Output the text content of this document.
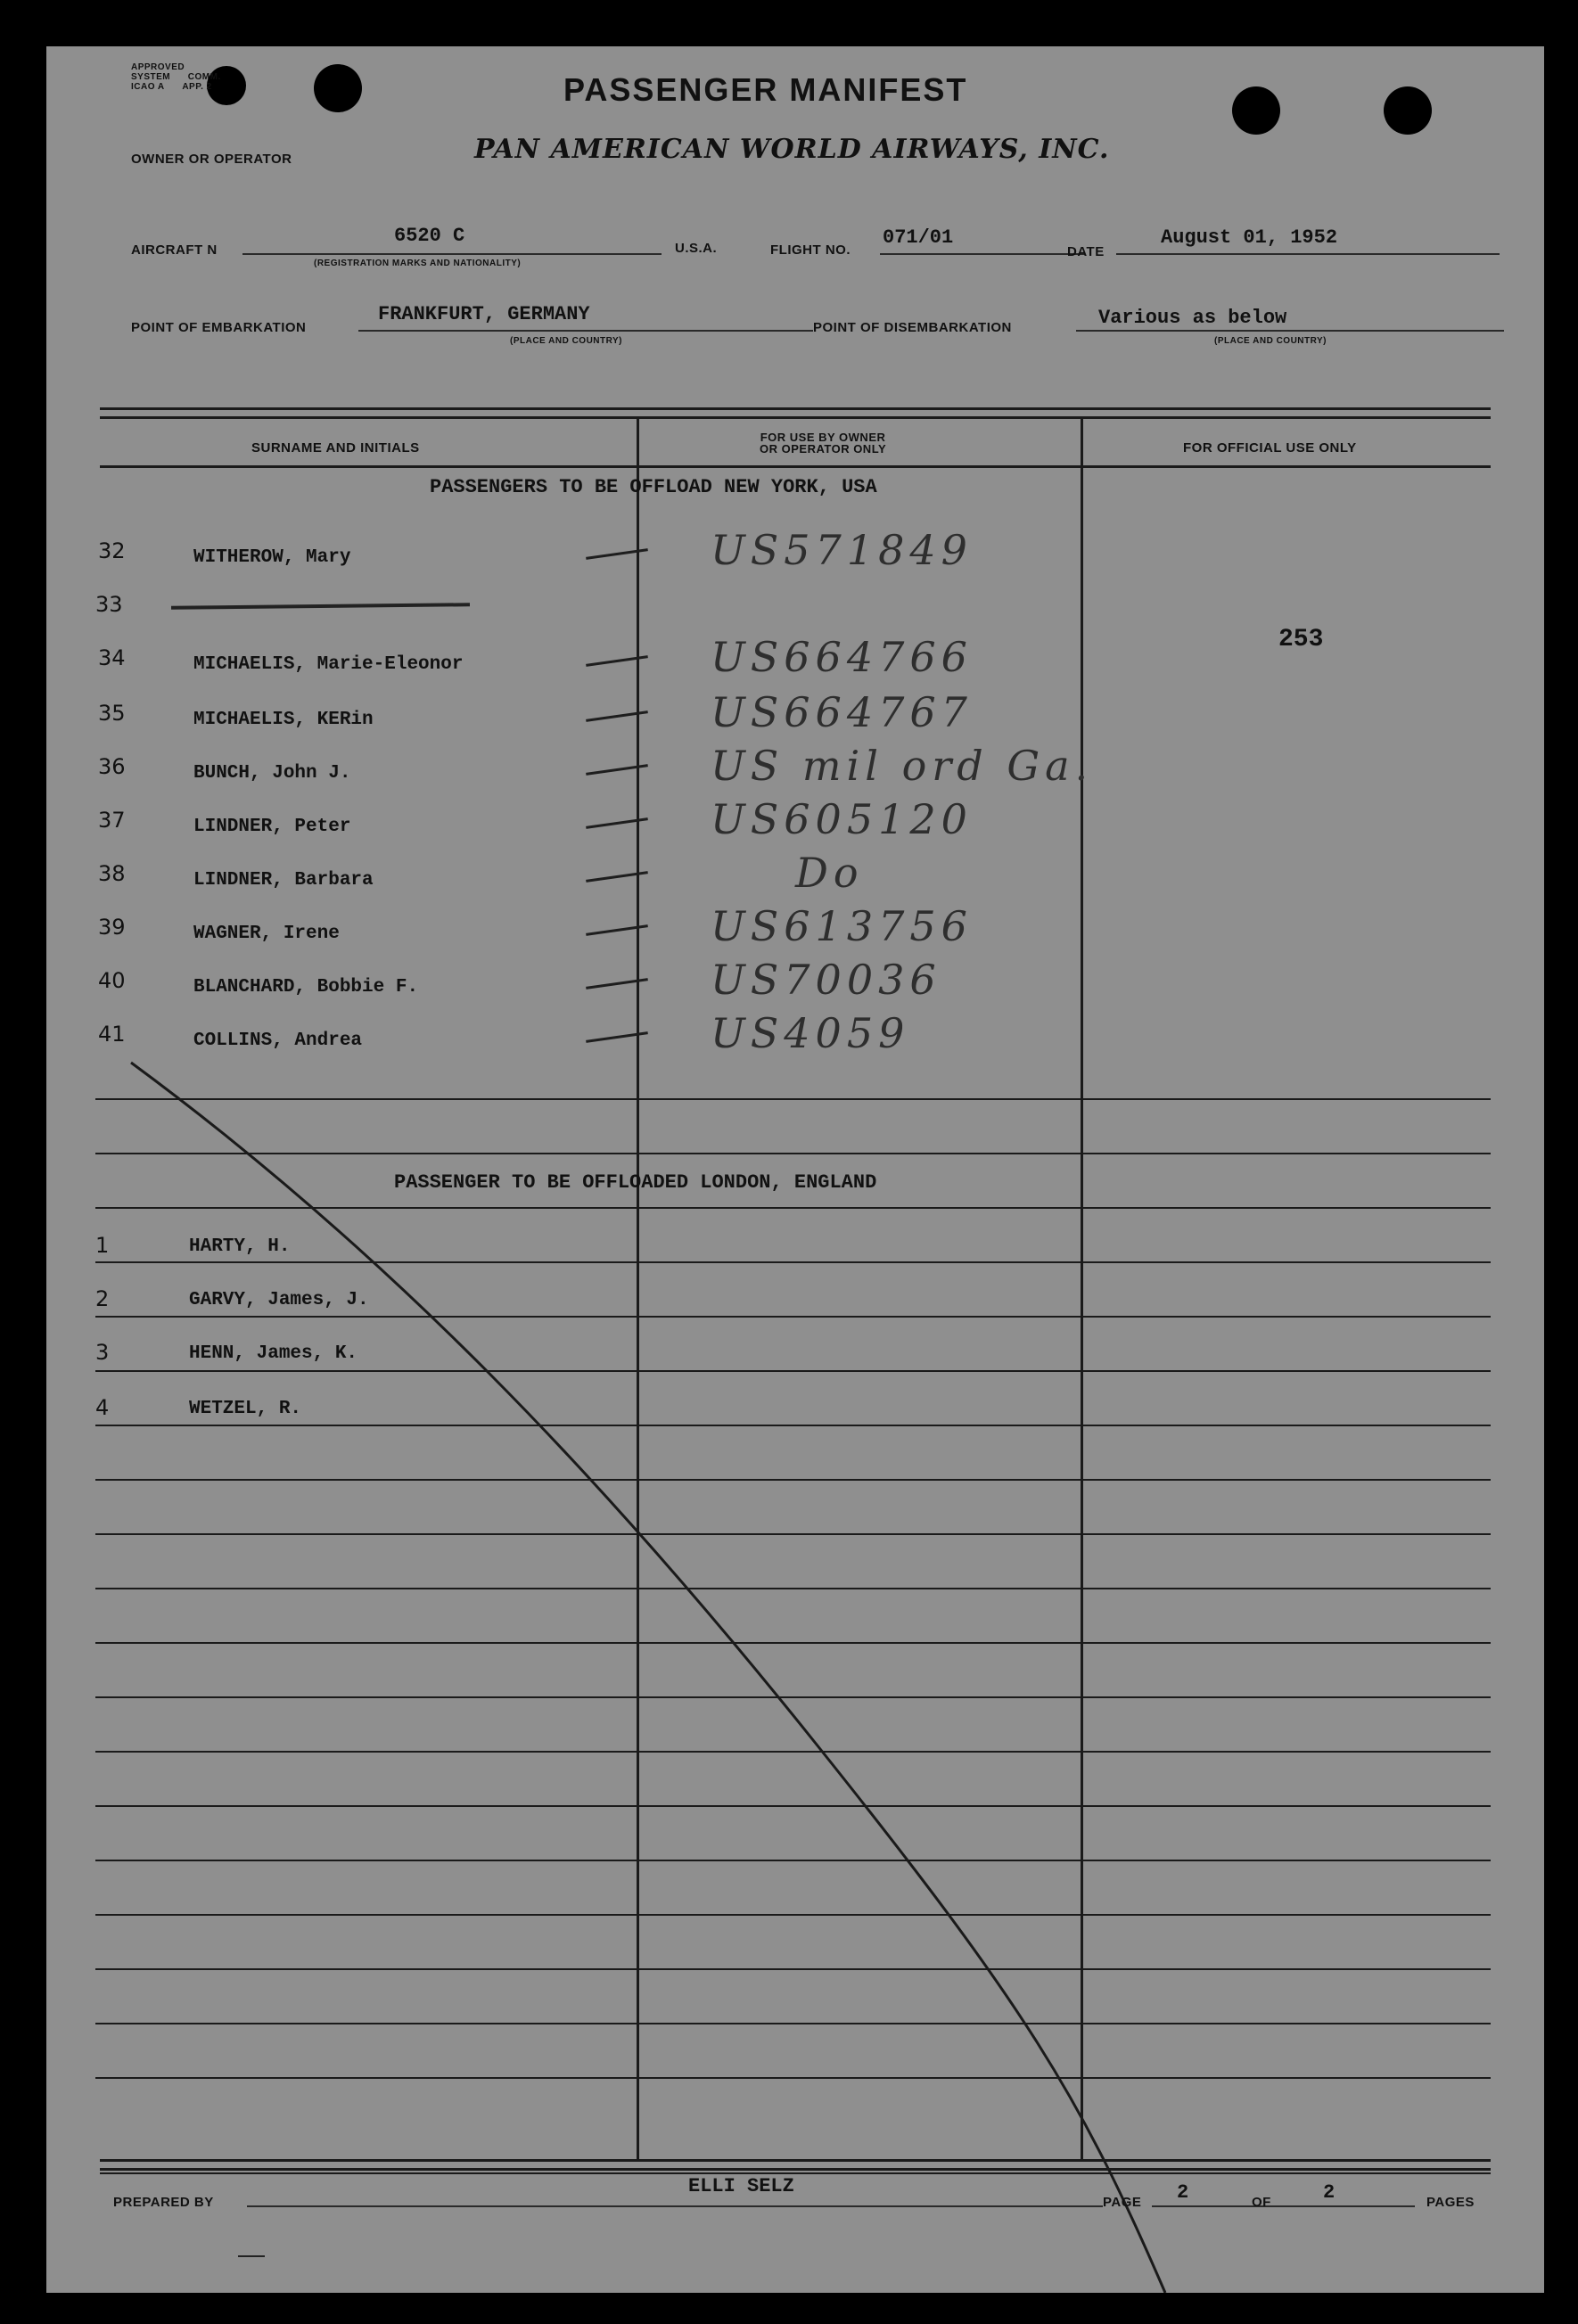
APPROVED
SYSTEM COMM.
ICAO A APP. 2	PASSENGER MANIFEST
OWNER OR OPERATOR	PAN AMERICAN WORLD AIRWAYS, INC.
AIRCRAFT N
6520 C
(REGISTRATION MARKS AND NATIONALITY)
U.S.A.	FLIGHT NO.
071/01
DATE
August 01, 1952
POINT OF EMBARKATION
FRANKFURT, GERMANY
(PLACE AND COUNTRY)
POINT OF DISEMBARKATION	Various as below
(PLACE AND COUNTRY)
SURNAME AND INITIALS
FOR USE BY OWNER
OR OPERATOR ONLY	FOR OFFICIAL USE ONLY
PASSENGERS TO BE OFFLOAD NEW YORK, USA
32	WITHEROW, Mary	US571849
33
34	MICHAELIS, Marie-Eleonor	US664766
35	MICHAELIS, KERin	US664767
36	BUNCH, John J.	US mil ord Ga.
37	LINDNER, Peter	US605120
38	LINDNER, Barbara	Do
39	WAGNER, Irene	US613756
40	BLANCHARD, Bobbie F.	US70036
41	COLLINS, Andrea	US4059
253
PASSENGER TO BE OFFLOADED LONDON, ENGLAND
1	HARTY, H.
2	GARVY, James, J.
3	HENN, James, K.
4	WETZEL, R.
PREPARED BY
ELLI SELZ
PAGE 2	OF	2	PAGES
